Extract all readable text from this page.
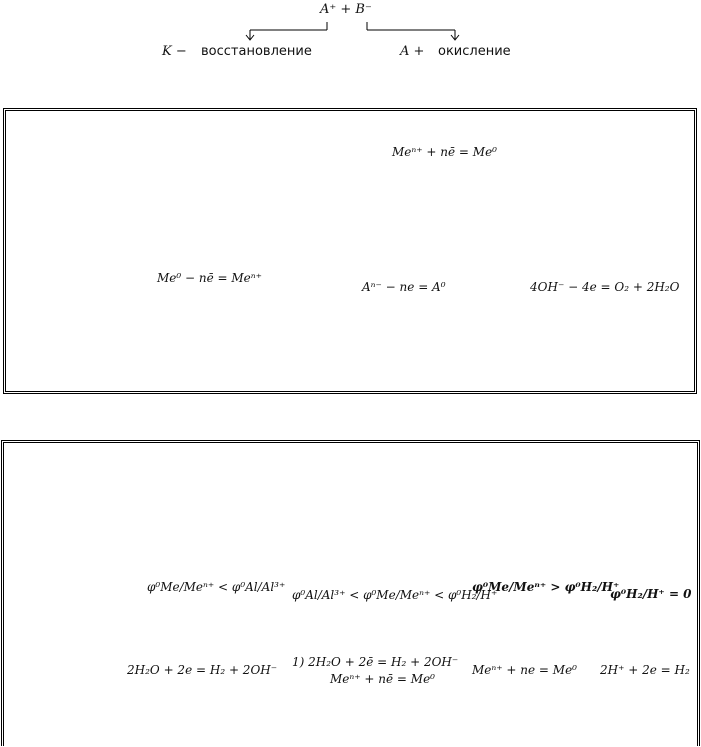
A⁺ + B⁻
K − восстановление	A + окисление
Meⁿ⁺ + nē = Me⁰
Me⁰ − nē = Meⁿ⁺
Aⁿ⁻ − ne = A⁰	4OH⁻ − 4e = O₂ + 2H₂O
φ⁰Me/Meⁿ⁺ < φ⁰Al/Al³⁺
φ⁰Al/Al³⁺ < φ⁰Me/Meⁿ⁺ < φ⁰H₂/H⁺
φ⁰Me/Meⁿ⁺ > φ⁰H₂/H⁺
φ⁰H₂/H⁺ = 0
2H₂O + 2e = H₂ + 2OH⁻
1) 2H₂O + 2ē = H₂ + 2OH⁻
Meⁿ⁺ + nē = Me⁰
Meⁿ⁺ + ne = Me⁰ 2H⁺ + 2e = H₂
